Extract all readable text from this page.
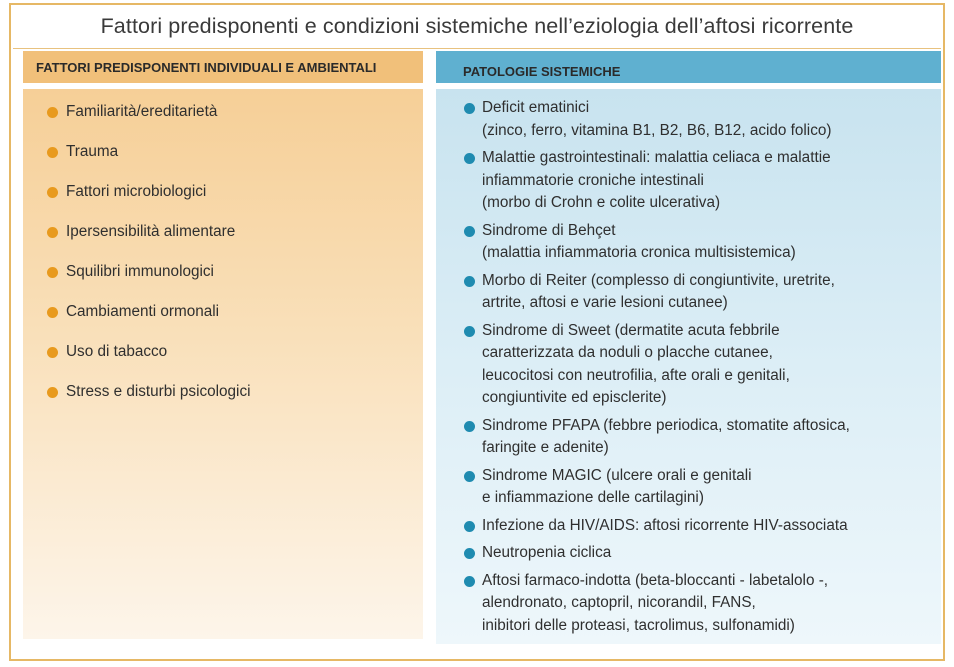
Fattori predisponenti e condizioni sistemiche nell’eziologia dell’aftosi ricorrente
FATTORI PREDISPONENTI INDIVIDUALI E AMBIENTALI	PATOLOGIE SISTEMICHE
Familiarità/ereditarietà
Trauma
Fattori microbiologici
Ipersensibilità alimentare
Squilibri immunologici
Cambiamenti ormonali
Uso di tabacco
Stress e disturbi psicologici
Deficit ematinici
(zinco, ferro, vitamina B1, B2, B6, B12, acido folico)
Malattie gastrointestinali: malattia celiaca e malattie
infiammatorie croniche intestinali
(morbo di Crohn e colite ulcerativa)
Sindrome di Behçet
(malattia infiammatoria cronica multisistemica)
Morbo di Reiter (complesso di congiuntivite, uretrite,
artrite, aftosi e varie lesioni cutanee)
Sindrome di Sweet (dermatite acuta febbrile
caratterizzata da noduli o placche cutanee,
leucocitosi con neutrofilia, afte orali e genitali,
congiuntivite ed episclerite)
Sindrome PFAPA (febbre periodica, stomatite aftosica,
faringite e adenite)
Sindrome MAGIC (ulcere orali e genitali
e infiammazione delle cartilagini)
Infezione da HIV/AIDS: aftosi ricorrente HIV-associata
Neutropenia ciclica
Aftosi farmaco-indotta (beta-bloccanti - labetalolo -,
alendronato, captopril, nicorandil, FANS,
inibitori delle proteasi, tacrolimus, sulfonamidi)
